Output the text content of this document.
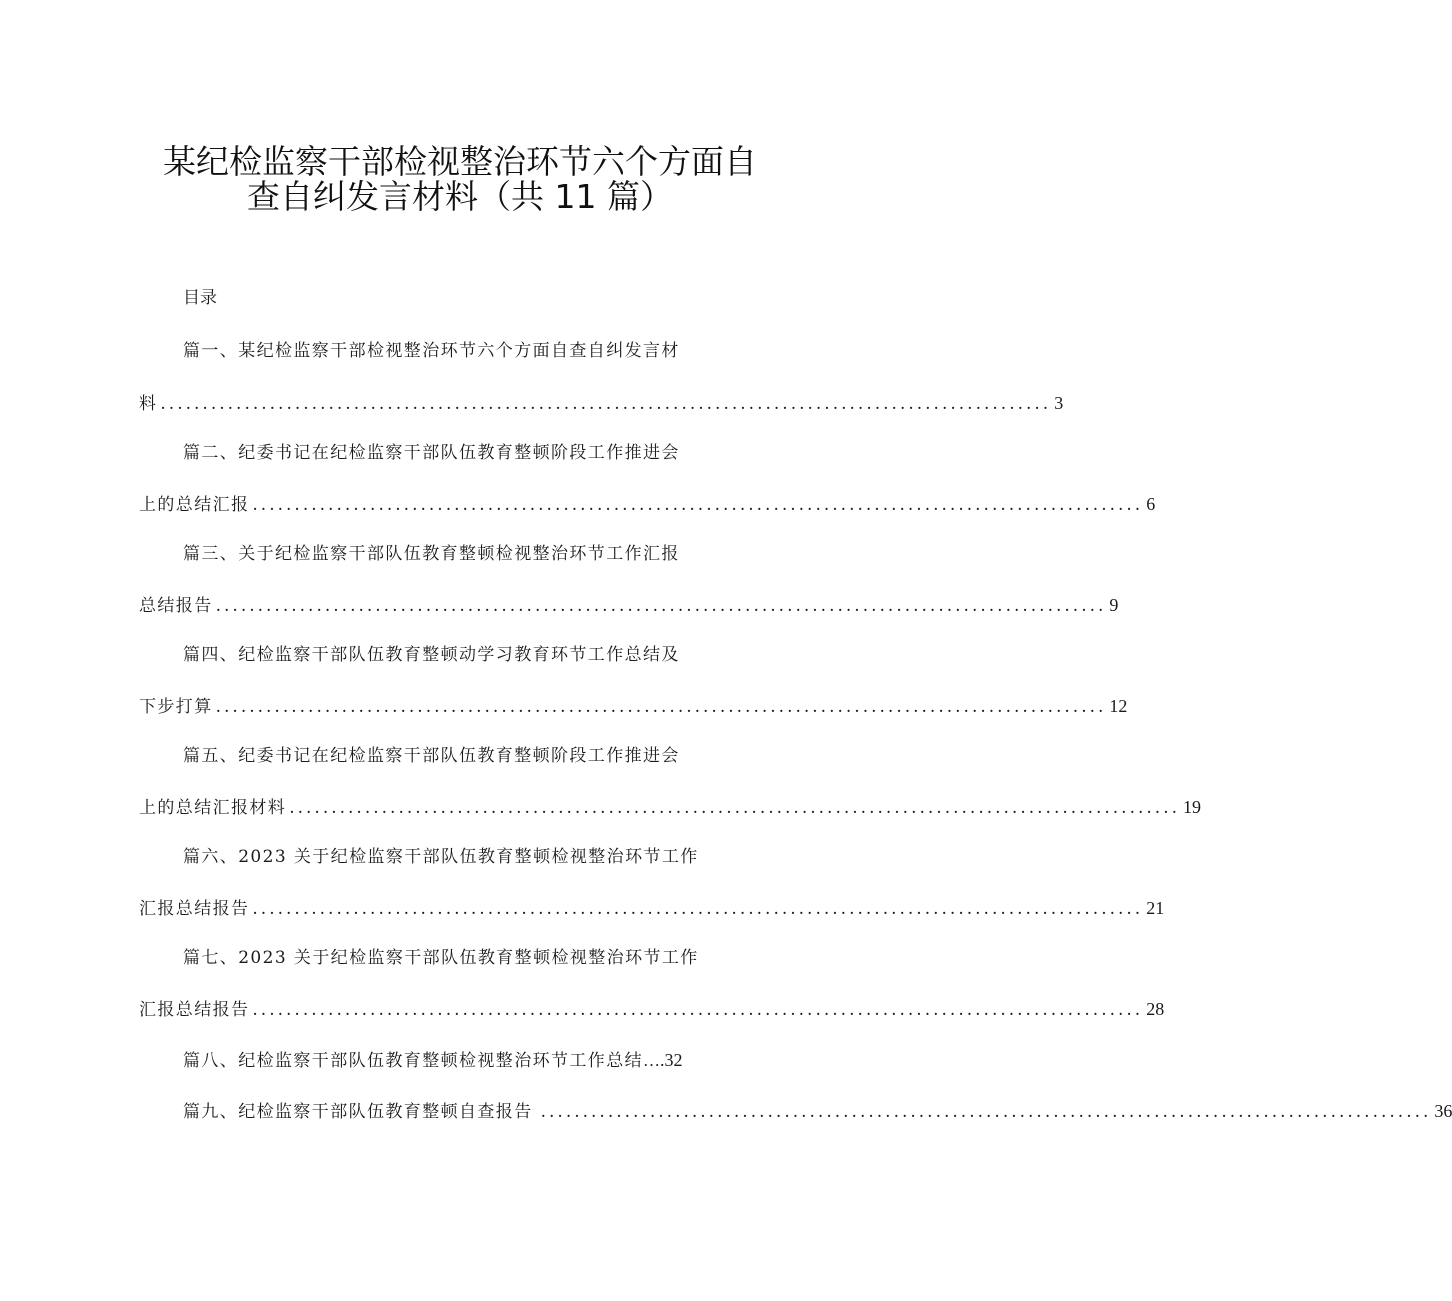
某纪检监察干部检视整治环节六个方面自
查自纠发言材料（共 11 篇）
目录
篇一、某纪检监察干部检视整治环节六个方面自查自纠发言材
料 .......................................................................................................... 3
篇二、纪委书记在纪检监察干部队伍教育整顿阶段工作推进会
上的总结汇报 .......................................................................................................... 6
篇三、关于纪检监察干部队伍教育整顿检视整治环节工作汇报
总结报告 .......................................................................................................... 9
篇四、纪检监察干部队伍教育整顿动学习教育环节工作总结及
下步打算 .......................................................................................................... 12
篇五、纪委书记在纪检监察干部队伍教育整顿阶段工作推进会
上的总结汇报材料 .......................................................................................................... 19
篇六、2023 关于纪检监察干部队伍教育整顿检视整治环节工作
汇报总结报告 .......................................................................................................... 21
篇七、2023 关于纪检监察干部队伍教育整顿检视整治环节工作
汇报总结报告 .......................................................................................................... 28
篇八、纪检监察干部队伍教育整顿检视整治环节工作总结 … . 32
篇九、纪检监察干部队伍教育整顿自查报告 .......................................................................................................... 36
